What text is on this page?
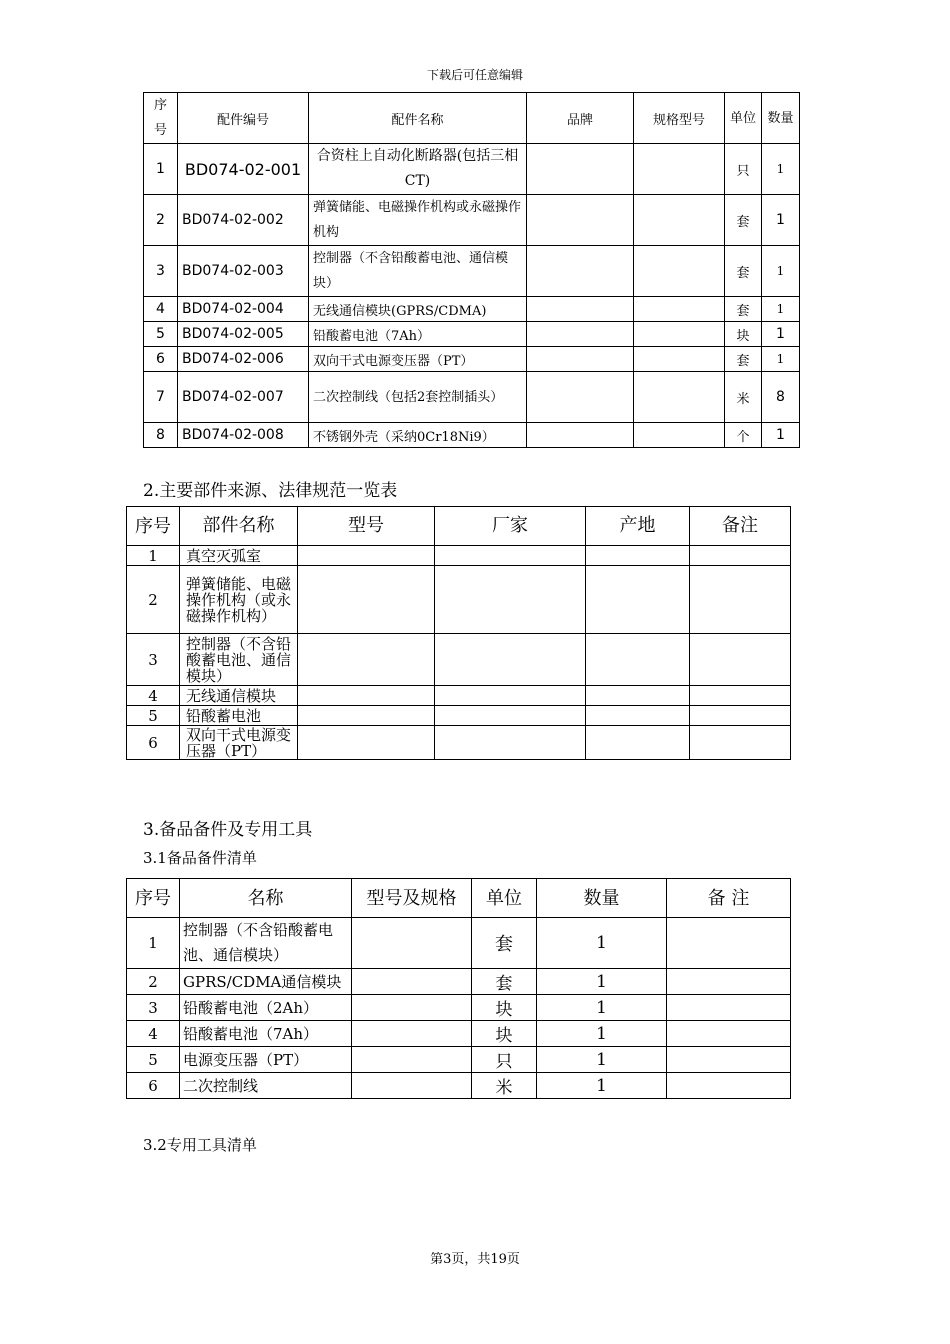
下载后可任意编辑
序号	配件编号	配件名称	品牌	规格型号	单位	数量
1	BD074-02-001	合资柱上自动化断路器(包括三相CT)			只	1
2	BD074-02-002	弹簧储能、电磁操作机构或永磁操作机构			套	1
3	BD074-02-003	控制器（不含铅酸蓄电池、通信模块）			套	1
4	BD074-02-004	无线通信模块(GPRS/CDMA)			套	1
5	BD074-02-005	铅酸蓄电池（7Ah）			块	1
6	BD074-02-006	双向干式电源变压器（PT）			套	1
7	BD074-02-007	二次控制线（包括2套控制插头）			米	8
8	BD074-02-008	不锈钢外壳（采纳0Cr18Ni9）			个	1
2.主要部件来源、法律规范一览表
序号	部件名称	型号	厂家	产地	备注
1	真空灭弧室				
2	弹簧储能、电磁操作机构（或永磁操作机构）				
3	控制器（不含铅酸蓄电池、通信模块）				
4	无线通信模块				
5	铅酸蓄电池				
6	双向干式电源变压器（PT）				
3.备品备件及专用工具
3.1备品备件清单
序号	名称	型号及规格	单位	数量	备 注
1	控制器（不含铅酸蓄电池、通信模块）		套	1	
2	GPRS/CDMA通信模块		套	1	
3	铅酸蓄电池（2Ah）		块	1	
4	铅酸蓄电池（7Ah）		块	1	
5	电源变压器（PT）		只	1	
6	二次控制线		米	1	
3.2专用工具清单
第3页，共19页
